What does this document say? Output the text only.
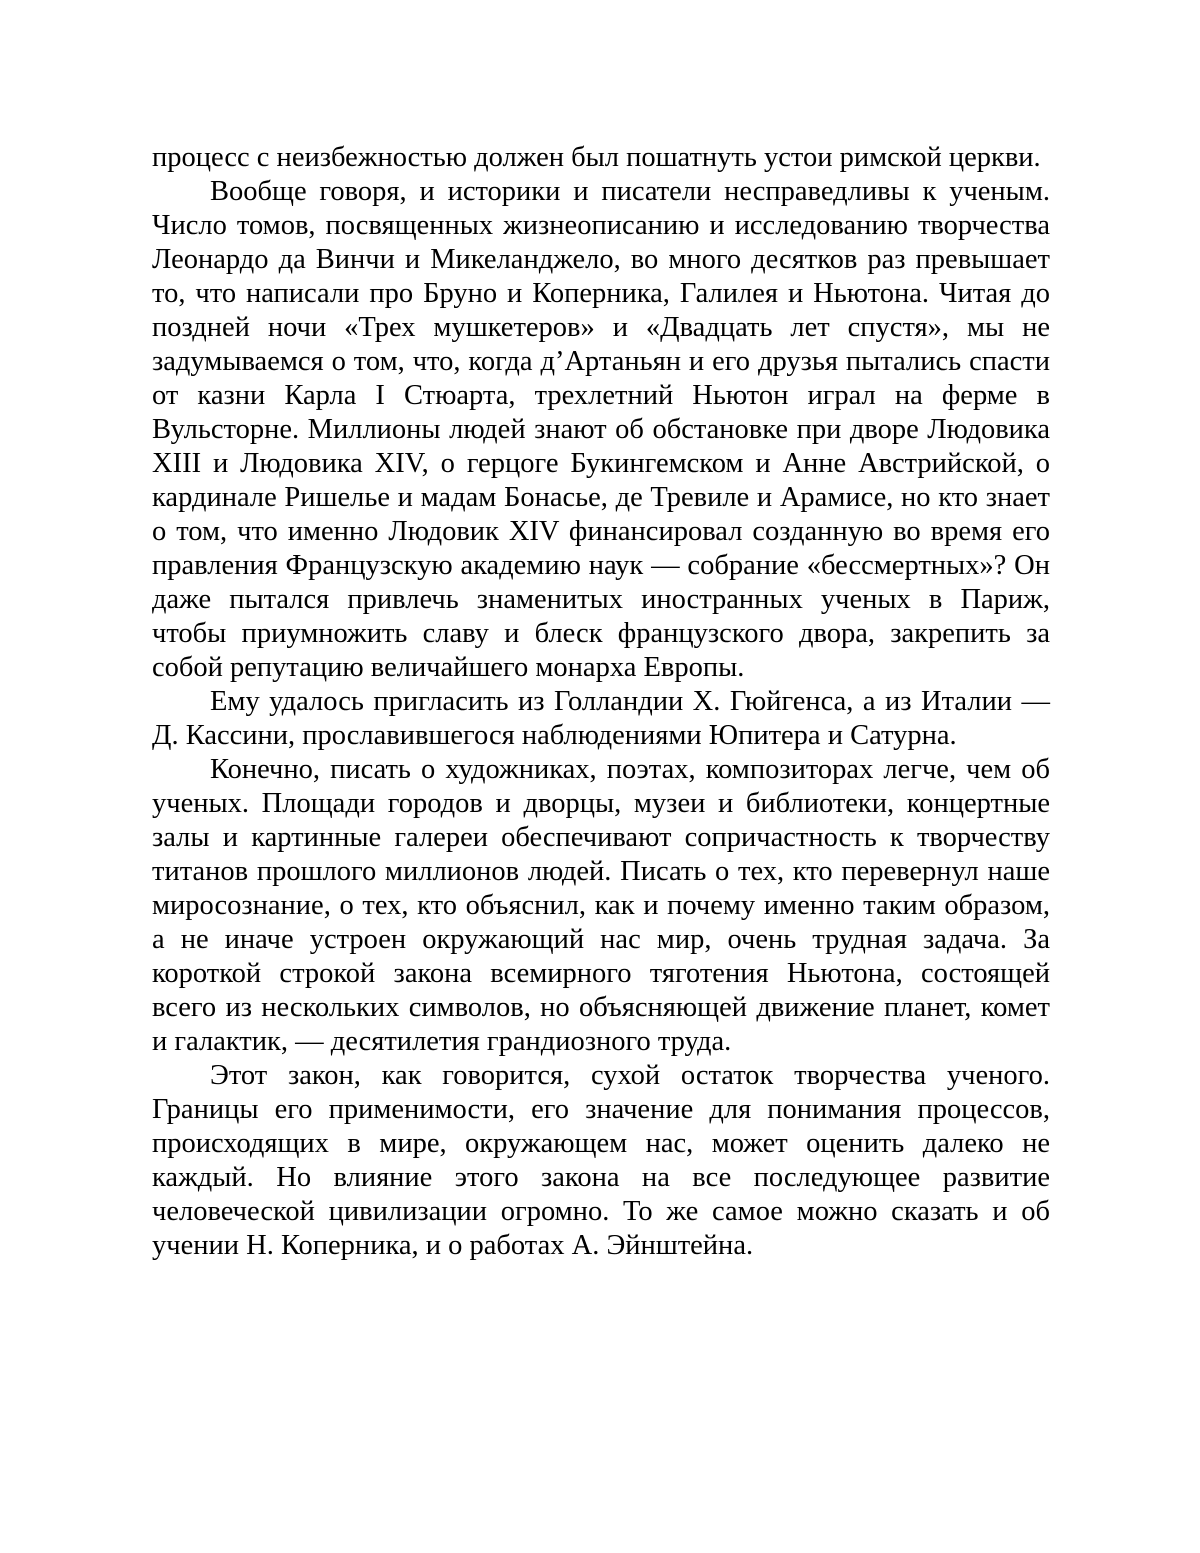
процесс с неизбежностью должен был пошатнуть устои римской церкви.

Вообще говоря, и историки и писатели несправедливы к ученым. Число томов, посвященных жизнеописанию и исследованию творчества Леонардо да Винчи и Микеланджело, во много десятков раз превышает то, что написали про Бруно и Коперника, Галилея и Ньютона. Читая до поздней ночи «Трех мушкетеров» и «Двадцать лет спустя», мы не задумываемся о том, что, когда д’Артаньян и его друзья пытались спасти от казни Карла I Стюарта, трехлетний Ньютон играл на ферме в Вульсторне. Миллионы людей знают об обстановке при дворе Людовика XIII и Людовика XIV, о герцоге Букингемском и Анне Австрийской, о кардинале Ришелье и мадам Бонасье, де Тревиле и Арамисе, но кто знает о том, что именно Людовик XIV финансировал созданную во время его правления Французскую академию наук — собрание «бессмертных»? Он даже пытался привлечь знаменитых иностранных ученых в Париж, чтобы приумножить славу и блеск французского двора, закрепить за собой репутацию величайшего монарха Европы.

Ему удалось пригласить из Голландии Х. Гюйгенса, а из Италии — Д. Кассини, прославившегося наблюдениями Юпитера и Сатурна.

Конечно, писать о художниках, поэтах, композиторах легче, чем об ученых. Площади городов и дворцы, музеи и библиотеки, концертные залы и картинные галереи обеспечивают сопричастность к творчеству титанов прошлого миллионов людей. Писать о тех, кто перевернул наше миросознание, о тех, кто объяснил, как и почему именно таким образом, а не иначе устроен окружающий нас мир, очень трудная задача. За короткой строкой закона всемирного тяготения Ньютона, состоящей всего из нескольких символов, но объясняющей движение планет, комет и галактик, — десятилетия грандиозного труда.

Этот закон, как говорится, сухой остаток творчества ученого. Границы его применимости, его значение для понимания процессов, происходящих в мире, окружающем нас, может оценить далеко не каждый. Но влияние этого закона на все последующее развитие человеческой цивилизации огромно. То же самое можно сказать и об учении Н. Коперника, и о работах А. Эйнштейна.
